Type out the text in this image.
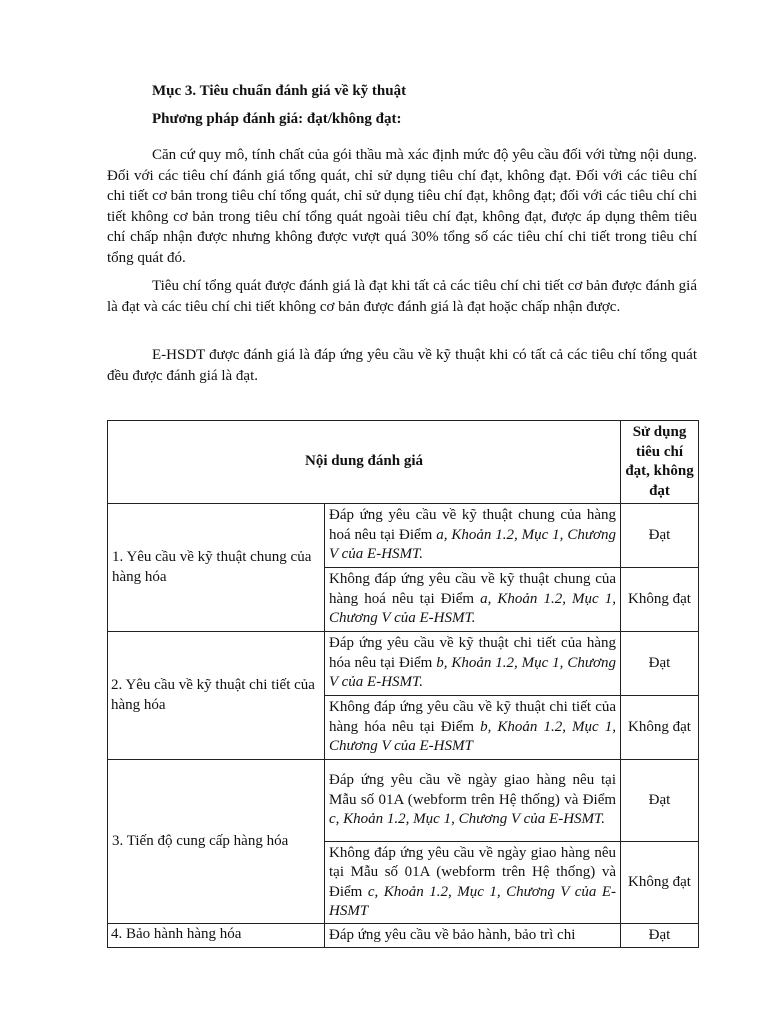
Mục 3. Tiêu chuẩn đánh giá về kỹ thuật
Phương pháp đánh giá: đạt/không đạt:

Căn cứ quy mô, tính chất của gói thầu mà xác định mức độ yêu cầu đối với từng nội dung. Đối với các tiêu chí đánh giá tổng quát, chỉ sử dụng tiêu chí đạt, không đạt. Đối với các tiêu chí chi tiết cơ bản trong tiêu chí tổng quát, chỉ sử dụng tiêu chí đạt, không đạt; đối với các tiêu chí chi tiết không cơ bản trong tiêu chí tổng quát ngoài tiêu chí đạt, không đạt, được áp dụng thêm tiêu chí chấp nhận được nhưng không được vượt quá 30% tổng số các tiêu chí chi tiết trong tiêu chí tổng quát đó.

Tiêu chí tổng quát được đánh giá là đạt khi tất cả các tiêu chí chi tiết cơ bản được đánh giá là đạt và các tiêu chí chi tiết không cơ bản được đánh giá là đạt hoặc chấp nhận được.

E-HSDT được đánh giá là đáp ứng yêu cầu về kỹ thuật khi có tất cả các tiêu chí tổng quát đều được đánh giá là đạt.

Nội dung đánh giá		Sử dụng tiêu chí đạt, không đạt
1. Yêu cầu về kỹ thuật chung của hàng hóa	Đáp ứng yêu cầu về kỹ thuật chung của hàng hoá nêu tại Điểm a, Khoản 1.2, Mục 1, Chương V của E-HSMT.	Đạt
	Không đáp ứng yêu cầu về kỹ thuật chung của hàng hoá nêu tại Điểm a, Khoản 1.2, Mục 1, Chương V của E-HSMT.	Không đạt
2. Yêu cầu về kỹ thuật chi tiết của hàng hóa	Đáp ứng yêu cầu về kỹ thuật chi tiết của hàng hóa nêu tại Điểm b, Khoản 1.2, Mục 1, Chương V của E-HSMT.	Đạt
	Không đáp ứng yêu cầu về kỹ thuật chi tiết của hàng hóa nêu tại Điểm b, Khoản 1.2, Mục 1, Chương V của E-HSMT	Không đạt
3. Tiến độ cung cấp hàng hóa	Đáp ứng yêu cầu về ngày giao hàng nêu tại Mẫu số 01A (webform trên Hệ thống) và Điểm c, Khoản 1.2, Mục 1, Chương V của E-HSMT.	Đạt
	Không đáp ứng yêu cầu về ngày giao hàng nêu tại Mẫu số 01A (webform trên Hệ thống) và Điểm c, Khoản 1.2, Mục 1, Chương V của E-HSMT	Không đạt
4. Bảo hành hàng hóa	Đáp ứng yêu cầu về bảo hành, bảo trì chi	Đạt
